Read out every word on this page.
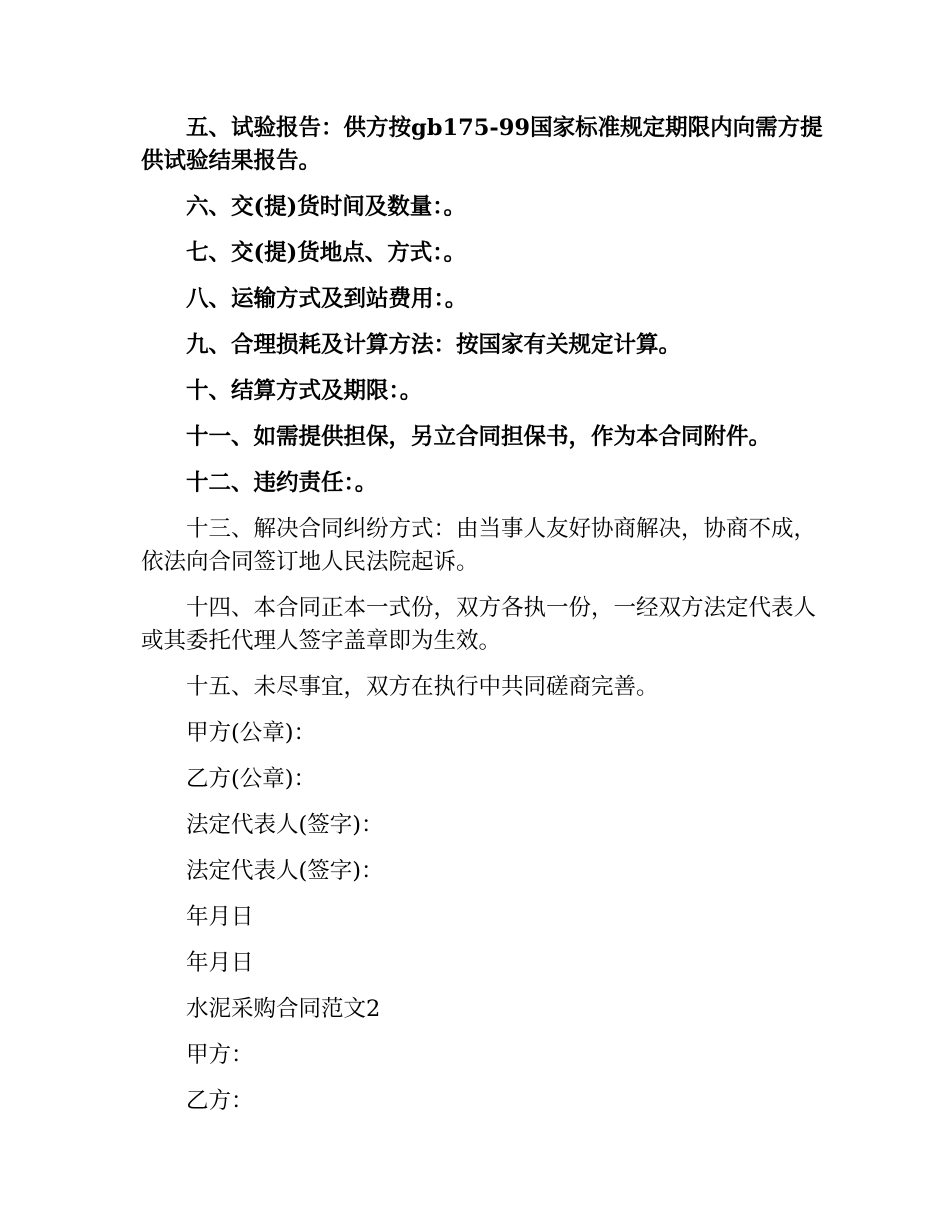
五、试验报告：供方按gb175-99国家标准规定期限内向需方提供试验结果报告。

六、交(提)货时间及数量：。

七、交(提)货地点、方式：。

八、运输方式及到站费用：。

九、合理损耗及计算方法：按国家有关规定计算。

十、结算方式及期限：。

十一、如需提供担保，另立合同担保书，作为本合同附件。

十二、违约责任：。

十三、解决合同纠纷方式：由当事人友好协商解决，协商不成，依法向合同签订地人民法院起诉。

十四、本合同正本一式份，双方各执一份，一经双方法定代表人或其委托代理人签字盖章即为生效。

十五、未尽事宜，双方在执行中共同磋商完善。

甲方(公章)：

乙方(公章)：

法定代表人(签字)：

法定代表人(签字)：

年月日

年月日

水泥采购合同范文2

甲方：

乙方：
